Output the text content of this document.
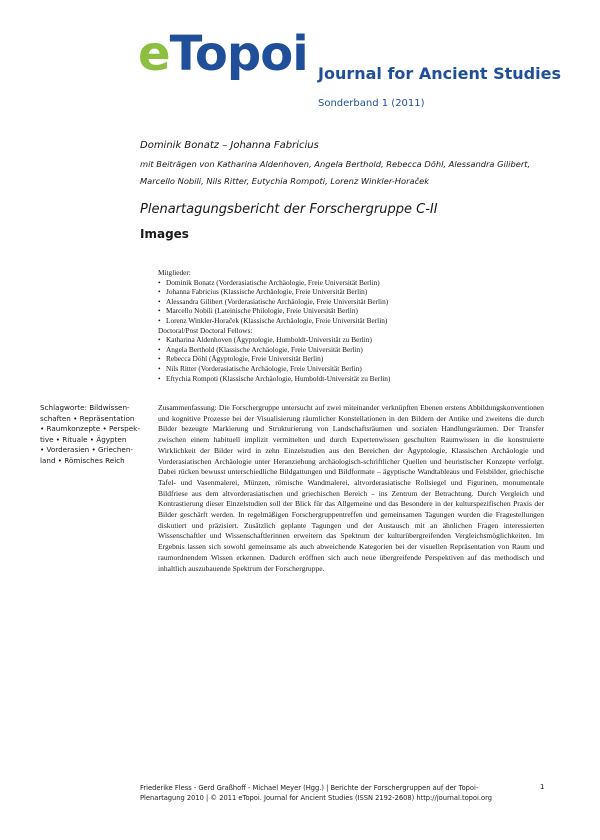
eTopoi Journal for Ancient Studies
Sonderband 1 (2011)
Dominik Bonatz – Johanna Fabricius
mit Beiträgen von Katharina Aldenhoven, Angela Berthold, Rebecca Döhl, Alessandra Gilibert, Marcello Nobili, Nils Ritter, Eutychia Rompoti, Lorenz Winkler-Horaček
Plenartagungsbericht der Forschergruppe C-II
Images
Mitglieder:
• Dominik Bonatz (Vorderasiatische Archäologie, Freie Universität Berlin)
• Johanna Fabricius (Klassische Archäologie, Freie Universität Berlin)
• Alessandra Gilibert (Vorderasiatische Archäologie, Freie Universität Berlin)
• Marcello Nobili (Lateinische Philologie, Freie Universität Berlin)
• Lorenz Winkler-Horaček (Klassische Archäologie, Freie Universität Berlin)
Doctoral/Post Doctoral Fellows:
• Katharina Aldenhoven (Ägyptologie, Humboldt-Universität zu Berlin)
• Angela Berthold (Klassische Archäologie, Freie Universität Berlin)
• Rebecca Döhl (Ägyptologie, Freie Universität Berlin)
• Nils Ritter (Vorderasiatische Archäologie, Freie Universität Berlin)
• Eftychia Rompoti (Klassische Archäologie, Humboldt-Universität zu Berlin)
Schlagworte: Bildwissen-
schaften • Repräsentation
• Raumkonzepte • Perspek-
tive • Rituale • Ägypten
• Vorderasien • Griechen-
land • Römisches Reich
Zusammenfassung: Die Forschergruppe untersucht auf zwei miteinander verknüpften Ebenen erstens Abbildungskonventionen und kognitive Prozesse bei der Visualisierung räumlicher Konstellationen in den Bildern der Antike und zweitens die durch Bilder bezeugte Markierung und Strukturierung von Landschaftsräumen und sozialen Handlungsräumen. Der Transfer zwischen einem habituell implizit vermittelten und durch Expertenwissen geschulten Raumwissen in die konstruierte Wirklichkeit der Bilder wird in zehn Einzelstudien aus den Bereichen der Ägyptologie, Klassischen Archäologie und Vorderasiatischen Archäologie unter Heranziehung archäologisch-schriftlicher Quellen und heuristischer Konzepte verfolgt. Dabei rücken bewusst unterschiedliche Bildgattungen und Bildformate – ägyptische Wandtableaus und Felsbilder, griechische Tafel- und Vasenmalerei, Münzen, römische Wandmalerei, altvorderasiatische Rollsiegel und Figurinen, monumentale Bildfriese aus dem altvorderasiatischen und griechischen Bereich – ins Zentrum der Betrachtung. Durch Vergleich und Kontrastierung dieser Einzelstudien soll der Blick für das Allgemeine und das Besondere in der kulturspezifischen Praxis der Bilder geschärft werden. In regelmäßigen Forschergruppentreffen und gemeinsamen Tagungen wurden die Fragestellungen diskutiert und präzisiert. Zusätzlich geplante Tagungen und der Austausch mit an ähnlichen Fragen interessierten Wissenschaftler und Wissenschaftlerinnen erweitern das Spektrum der kulturübergreifenden Vergleichsmöglichkeiten. Im Ergebnis lassen sich sowohl gemeinsame als auch abweichende Kategorien bei der visuellen Repräsentation von Raum und raumordnendem Wissen erkennen. Dadurch eröffnen sich auch neue übergreifende Perspektiven auf das methodisch und inhaltlich auszubauende Spektrum der Forschergruppe.
Friederike Fless - Gerd Graßhoff - Michael Meyer (Hgg.) | Berichte der Forschergruppen auf der Topoi-
Plenartagung 2010 | © 2011 eTopoi. Journal for Ancient Studies (ISSN 2192-2608) http://journal.topoi.org
1
